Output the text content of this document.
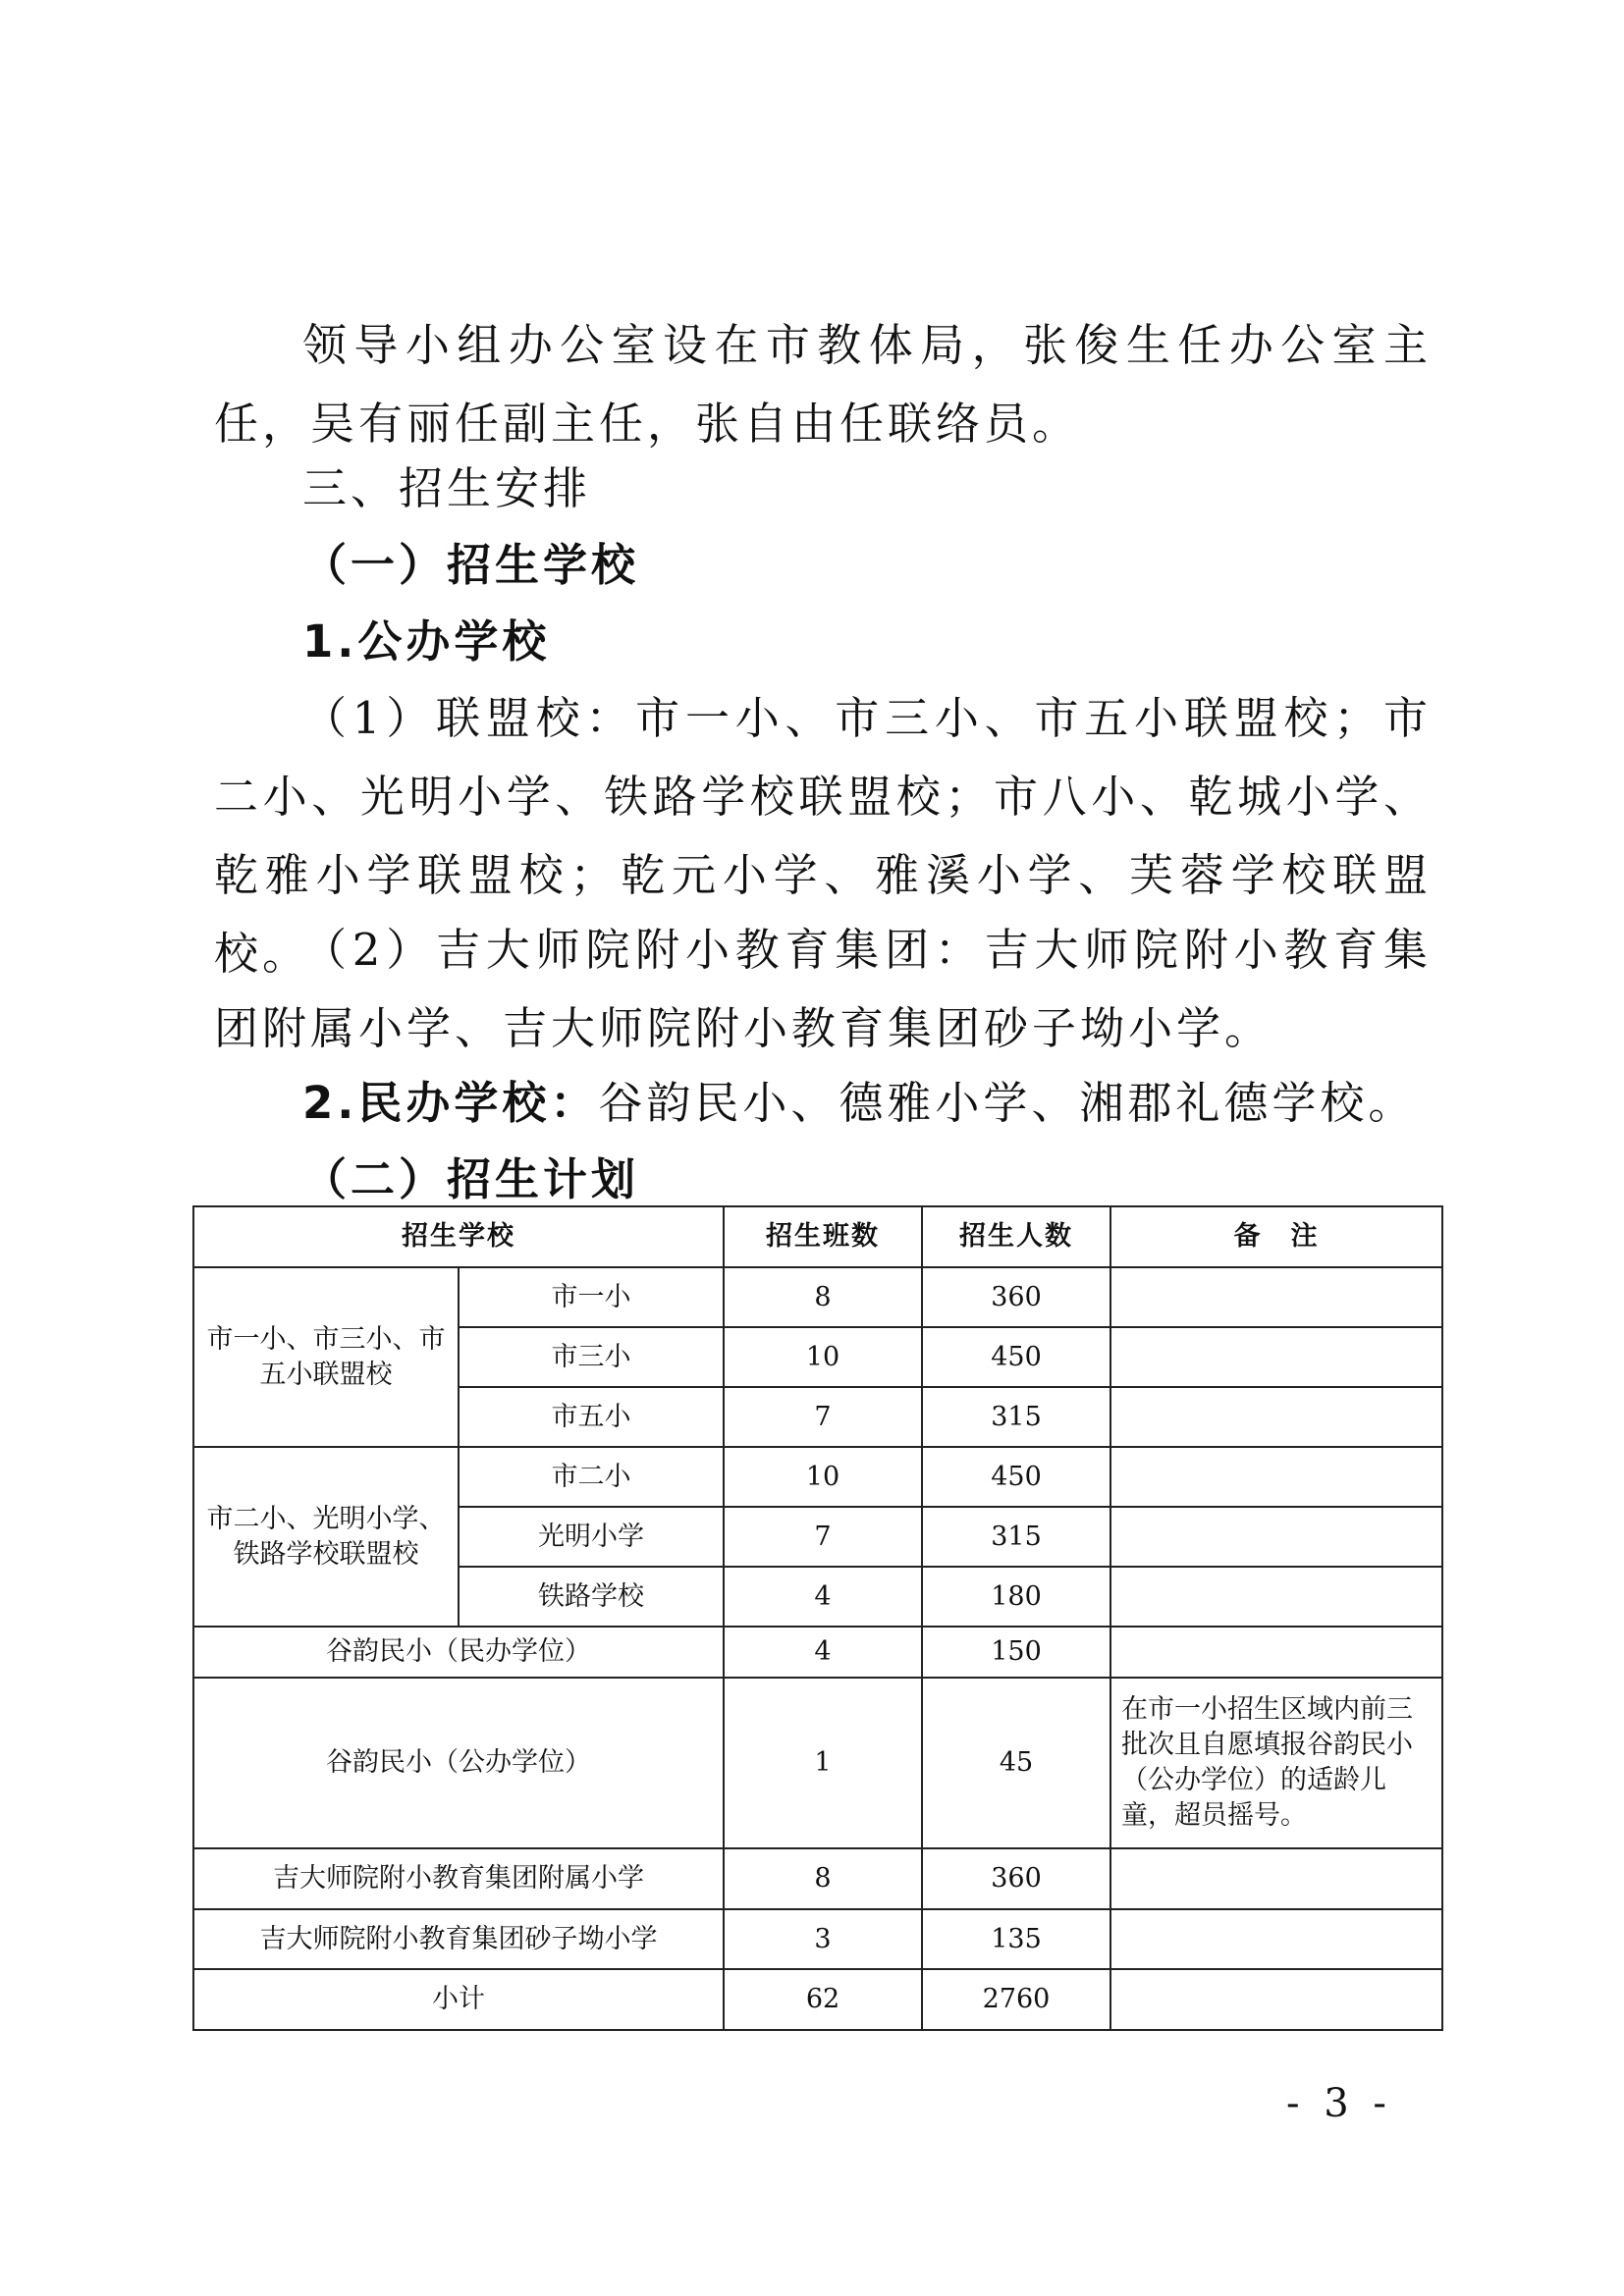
领导小组办公室设在市教体局，张俊生任办公室主任，吴有丽任副主任，张自由任联络员。

三、招生安排

（一）招生学校

1.公办学校

（1）联盟校：市一小、市三小、市五小联盟校；市二小、光明小学、铁路学校联盟校；市八小、乾城小学、乾雅小学联盟校；乾元小学、雅溪小学、芙蓉学校联盟校。

（2）吉大师院附小教育集团：吉大师院附小教育集团附属小学、吉大师院附小教育集团砂子坳小学。

2.民办学校：谷韵民小、德雅小学、湘郡礼德学校。

（二）招生计划

招生学校		招生班数	招生人数	备　注
市一小、市三小、市五小联盟校	市一小	8	360	
	市三小	10	450	
	市五小	7	315	
市二小、光明小学、铁路学校联盟校	市二小	10	450	
	光明小学	7	315	
	铁路学校	4	180	
谷韵民小（民办学位）		4	150	
谷韵民小（公办学位）		1	45	在市一小招生区域内前三批次且自愿填报谷韵民小（公办学位）的适龄儿童，超员摇号。
吉大师院附小教育集团附属小学		8	360	
吉大师院附小教育集团砂子坳小学		3	135	
小计		62	2760	
- 3 -
